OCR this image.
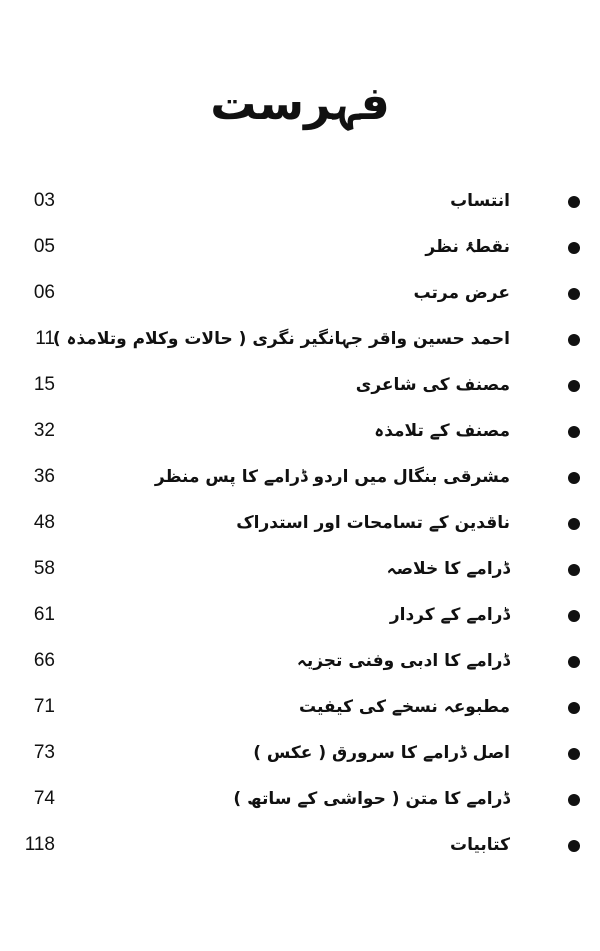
فہرست
انتساب
03
نقطۂ نظر
05
عرض مرتب
06
احمد حسین واقر جہانگیر نگری ( حالات وکلام وتلامذہ )
11
مصنف کی شاعری
15
مصنف کے تلامذہ
32
مشرقی بنگال میں اردو ڈرامے کا پس منظر
36
ناقدین کے تسامحات اور استدراک
48
ڈرامے کا خلاصہ
58
ڈرامے کے کردار
61
ڈرامے کا ادبی وفنی تجزیہ
66
مطبوعہ نسخے کی کیفیت
71
اصل ڈرامے کا سرورق ( عکس )
73
ڈرامے کا متن ( حواشی کے ساتھ )
74
کتابیات
118
